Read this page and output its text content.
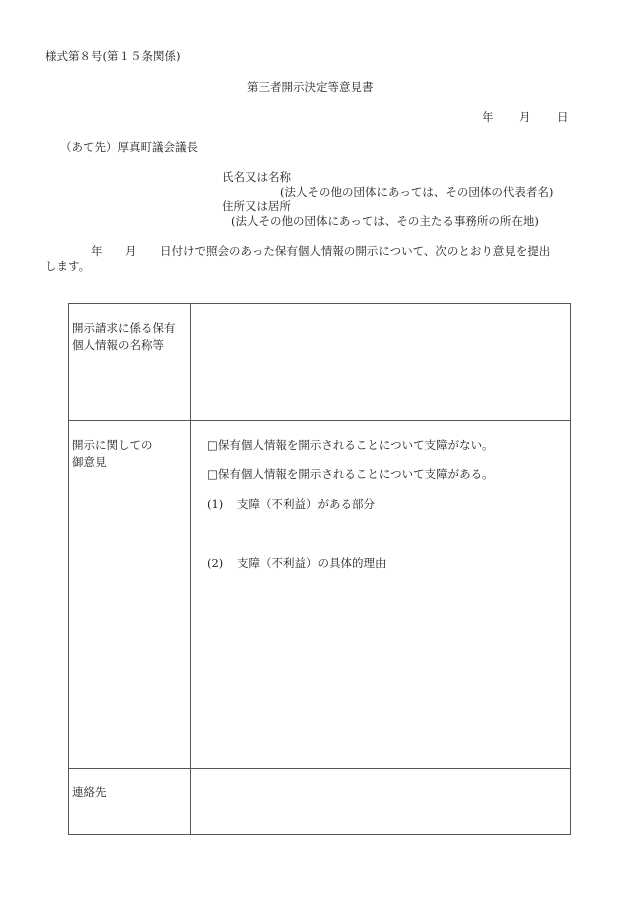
様式第８号(第１５条関係)
第三者開示決定等意見書
年 月 日
（あて先）厚真町議会議長
氏名又は名称
(法人その他の団体にあっては、その団体の代表者名)
住所又は居所
(法人その他の団体にあっては、その主たる事務所の所在地)
年 月 日付けで照会のあった保有個人情報の開示について、次のとおり意見を提出
します。
開示請求に係る保有
個人情報の名称等
開示に関しての
御意見
□保有個人情報を開示されることについて支障がない。
□保有個人情報を開示されることについて支障がある。
(1) 支障（不利益）がある部分
(2) 支障（不利益）の具体的理由
連絡先
